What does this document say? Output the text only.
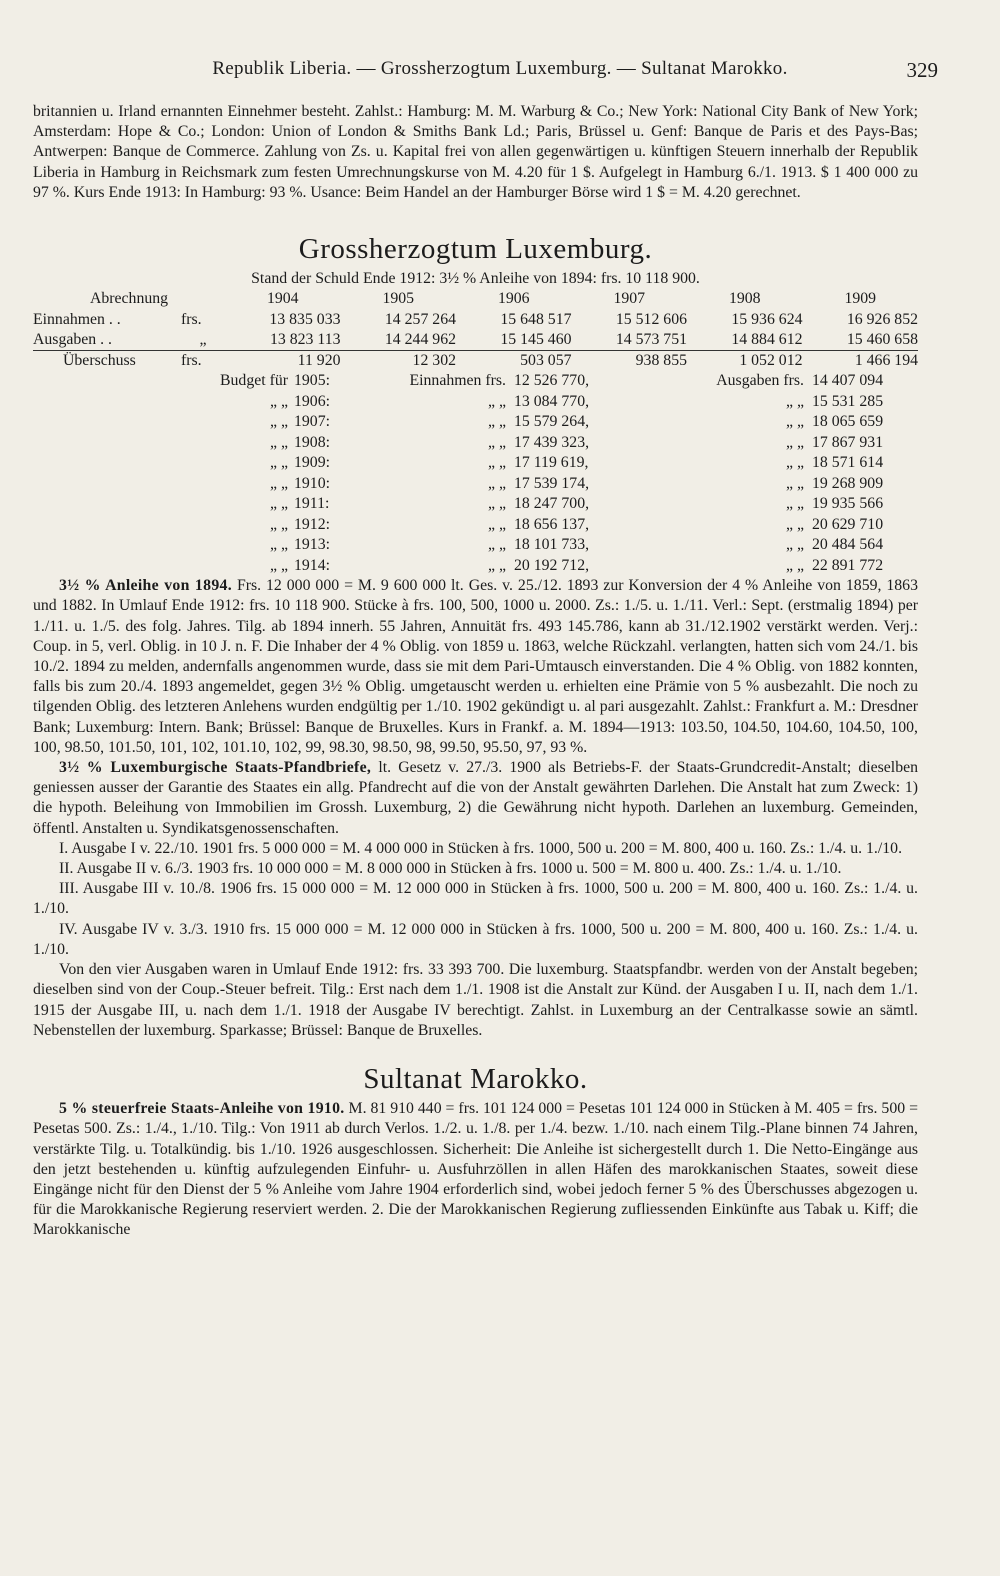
Republik Liberia. — Grossherzogtum Luxemburg. — Sultanat Marokko.	329

britannien u. Irland ernannten Einnehmer besteht. Zahlst.: Hamburg: M. M. Warburg & Co.; New York: National City Bank of New York; Amsterdam: Hope & Co.; London: Union of London & Smiths Bank Ld.; Paris, Brüssel u. Genf: Banque de Paris et des Pays-Bas; Antwerpen: Banque de Commerce. Zahlung von Zs. u. Kapital frei von allen gegenwärtigen u. künftigen Steuern innerhalb der Republik Liberia in Hamburg in Reichsmark zum festen Umrechnungskurse von M. 4.20 für 1 $. Aufgelegt in Hamburg 6./1. 1913. $ 1 400 000 zu 97 %. Kurs Ende 1913: In Hamburg: 93 %. Usance: Beim Handel an der Hamburger Börse wird 1 $ = M. 4.20 gerechnet.

Grossherzogtum Luxemburg.

Stand der Schuld Ende 1912: 3½ % Anleihe von 1894: frs. 10 118 900.

Abrechnung		1904	1905	1906	1907	1908	1909
Einnahmen . .	frs.	13 835 033	14 257 264	15 648 517	15 512 606	15 936 624	16 926 852
Ausgaben . .	„	13 823 113	14 244 962	15 145 460	14 573 751	14 884 612	15 460 658
Überschuss	frs.	11 920	12 302	503 057	938 855	1 052 012	1 466 194
Budget für	1905:	Einnahmen frs.	12 526 770,	Ausgaben frs.	14 407 094
„ „	1906:	„ „	13 084 770,	„ „	15 531 285
„ „	1907:	„ „	15 579 264,	„ „	18 065 659
„ „	1908:	„ „	17 439 323,	„ „	17 867 931
„ „	1909:	„ „	17 119 619,	„ „	18 571 614
„ „	1910:	„ „	17 539 174,	„ „	19 268 909
„ „	1911:	„ „	18 247 700,	„ „	19 935 566
„ „	1912:	„ „	18 656 137,	„ „	20 629 710
„ „	1913:	„ „	18 101 733,	„ „	20 484 564
„ „	1914:	„ „	20 192 712,	„ „	22 891 772

3½ % Anleihe von 1894. Frs. 12 000 000 = M. 9 600 000 lt. Ges. v. 25./12. 1893 zur Konversion der 4 % Anleihe von 1859, 1863 und 1882. In Umlauf Ende 1912: frs. 10 118 900. Stücke à frs. 100, 500, 1000 u. 2000. Zs.: 1./5. u. 1./11. Verl.: Sept. (erstmalig 1894) per 1./11. u. 1./5. des folg. Jahres. Tilg. ab 1894 innerh. 55 Jahren, Annuität frs. 493 145.786, kann ab 31./12.1902 verstärkt werden. Verj.: Coup. in 5, verl. Oblig. in 10 J. n. F. Die Inhaber der 4 % Oblig. von 1859 u. 1863, welche Rückzahl. verlangten, hatten sich vom 24./1. bis 10./2. 1894 zu melden, andernfalls angenommen wurde, dass sie mit dem Pari-Umtausch einverstanden. Die 4 % Oblig. von 1882 konnten, falls bis zum 20./4. 1893 angemeldet, gegen 3½ % Oblig. umgetauscht werden u. erhielten eine Prämie von 5 % ausbezahlt. Die noch zu tilgenden Oblig. des letzteren Anlehens wurden endgültig per 1./10. 1902 gekündigt u. al pari ausgezahlt. Zahlst.: Frankfurt a. M.: Dresdner Bank; Luxemburg: Intern. Bank; Brüssel: Banque de Bruxelles. Kurs in Frankf. a. M. 1894—1913: 103.50, 104.50, 104.60, 104.50, 100, 100, 98.50, 101.50, 101, 102, 101.10, 102, 99, 98.30, 98.50, 98, 99.50, 95.50, 97, 93 %.

3½ % Luxemburgische Staats-Pfandbriefe, lt. Gesetz v. 27./3. 1900 als Betriebs-F. der Staats-Grundcredit-Anstalt; dieselben geniessen ausser der Garantie des Staates ein allg. Pfandrecht auf die von der Anstalt gewährten Darlehen. Die Anstalt hat zum Zweck: 1) die hypoth. Beleihung von Immobilien im Grossh. Luxemburg, 2) die Gewährung nicht hypoth. Darlehen an luxemburg. Gemeinden, öffentl. Anstalten u. Syndikatsgenossenschaften.

I. Ausgabe I v. 22./10. 1901 frs. 5 000 000 = M. 4 000 000 in Stücken à frs. 1000, 500 u. 200 = M. 800, 400 u. 160. Zs.: 1./4. u. 1./10.

II. Ausgabe II v. 6./3. 1903 frs. 10 000 000 = M. 8 000 000 in Stücken à frs. 1000 u. 500 = M. 800 u. 400. Zs.: 1./4. u. 1./10.

III. Ausgabe III v. 10./8. 1906 frs. 15 000 000 = M. 12 000 000 in Stücken à frs. 1000, 500 u. 200 = M. 800, 400 u. 160. Zs.: 1./4. u. 1./10.

IV. Ausgabe IV v. 3./3. 1910 frs. 15 000 000 = M. 12 000 000 in Stücken à frs. 1000, 500 u. 200 = M. 800, 400 u. 160. Zs.: 1./4. u. 1./10.

Von den vier Ausgaben waren in Umlauf Ende 1912: frs. 33 393 700. Die luxemburg. Staatspfandbr. werden von der Anstalt begeben; dieselben sind von der Coup.-Steuer befreit. Tilg.: Erst nach dem 1./1. 1908 ist die Anstalt zur Künd. der Ausgaben I u. II, nach dem 1./1. 1915 der Ausgabe III, u. nach dem 1./1. 1918 der Ausgabe IV berechtigt. Zahlst. in Luxemburg an der Centralkasse sowie an sämtl. Nebenstellen der luxemburg. Sparkasse; Brüssel: Banque de Bruxelles.

Sultanat Marokko.

5 % steuerfreie Staats-Anleihe von 1910. M. 81 910 440 = frs. 101 124 000 = Pesetas 101 124 000 in Stücken à M. 405 = frs. 500 = Pesetas 500. Zs.: 1./4., 1./10. Tilg.: Von 1911 ab durch Verlos. 1./2. u. 1./8. per 1./4. bezw. 1./10. nach einem Tilg.-Plane binnen 74 Jahren, verstärkte Tilg. u. Totalkündig. bis 1./10. 1926 ausgeschlossen. Sicherheit: Die Anleihe ist sichergestellt durch 1. Die Netto-Eingänge aus den jetzt bestehenden u. künftig aufzulegenden Einfuhr- u. Ausfuhrzöllen in allen Häfen des marokkanischen Staates, soweit diese Eingänge nicht für den Dienst der 5 % Anleihe vom Jahre 1904 erforderlich sind, wobei jedoch ferner 5 % des Überschusses abgezogen u. für die Marokkanische Regierung reserviert werden. 2. Die der Marokkanischen Regierung zufliessenden Einkünfte aus Tabak u. Kiff; die Marokkanische
